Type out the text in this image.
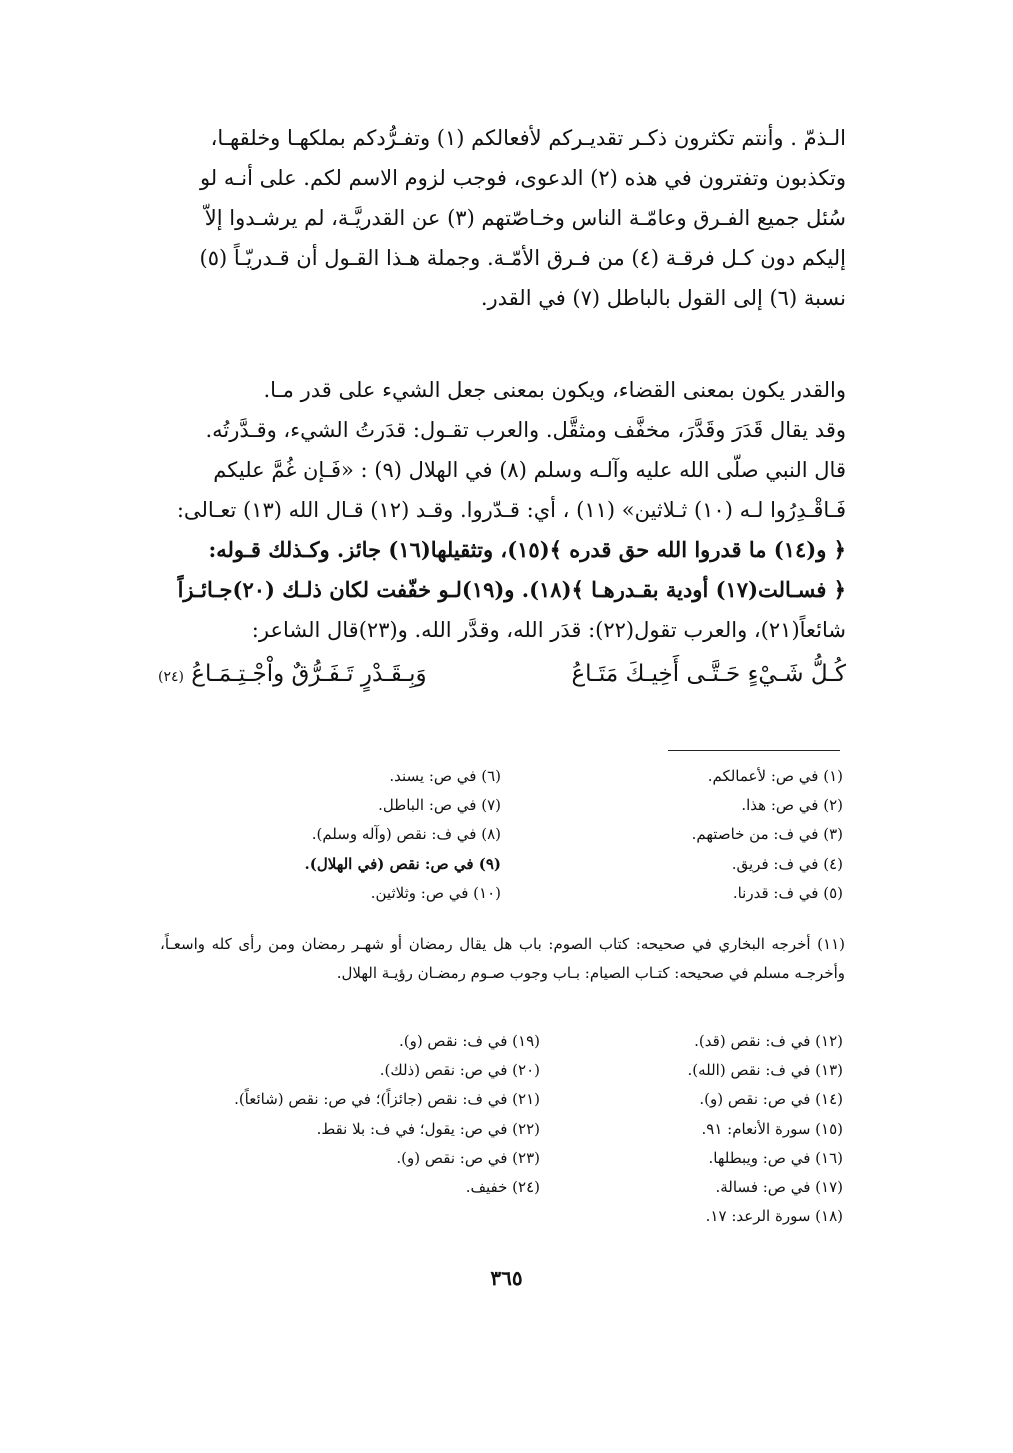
الـذمّ . وأنتم تكثرون ذكـر تقديـركم لأفعالكم (١) وتفـرُّدكم بملكهـا وخلقهـا،

وتكذبون وتفترون في هذه (٢) الدعوى، فوجب لزوم الاسم لكم. على أنـه لو

سُئل جميع الفـرق وعامّـة الناس وخـاصّتهم (٣) عن القدريَّـة، لم يرشـدوا إلاّ

إليكم دون كـل فرقـة (٤) من فـرق الأمّـة. وجملة هـذا القـول أن قـدريّـاً (٥)

نسبة (٦) إلى القول بالباطل (٧) في القدر.

والقدر يكون بمعنى القضاء، ويكون بمعنى جعل الشيء على قدر مـا.

وقد يقال قَدَرَ وقَدَّرَ، مخفَّف ومثقَّل. والعرب تقـول: قدَرتُ الشيء، وقـدَّرتُه.

قال النبي صلّى الله عليه وآلـه وسلم (٨) في الهلال (٩) : «فَـإن غُمَّ عليكم

فَـاقْـدِرُوا لـه (١٠) ثـلاثين» (١١) ، أي: قـدّروا. وقـد (١٢) قـال الله (١٣) تعـالى:

﴿ و(١٤) ما قدروا الله حق قدره ﴾(١٥)، وتثقيلها(١٦) جائز. وكـذلك قـوله:

﴿ فسـالت(١٧) أودية بقـدرهـا ﴾(١٨). و(١٩)لـو خفّفت لكان ذلـك (٢٠)جـائـزاً

شائعاً(٢١)، والعرب تقول(٢٢): قدَر الله، وقدَّر الله. و(٢٣)قال الشاعر:

كُـلُّ شَـيْءٍ حَـتَّـى أَخِيـكَ مَتَـاعُ
وَبِـقَـدْرٍ تَـفَـرُّقٌ واْجْـتِـمَـاعُ (٢٤)
(١) في ص: لأعمالكم.
(٢) في ص: هذا.
(٣) في ف: من خاصتهم.
(٤) في ف: فريق.
(٥) في ف: قدرنا.
(٦) في ص: يسند.
(٧) في ص: الباطل.
(٨) في ف: نقص (وآله وسلم).
(٩) في ص: نقص (في الهلال).
(١٠) في ص: وثلاثين.
(١١) أخرجه البخاري في صحيحه: كتاب الصوم: باب هل يقال رمضان أو شهـر رمضان ومن رأى كله واسعـاً، وأخرجـه مسلم في صحيحه: كتـاب الصيام: بـاب وجوب صـوم رمضـان رؤيـة الهلال.
(١٢) في ف: نقص (قد).
(١٣) في ف: نقص (الله).
(١٤) في ص: نقص (و).
(١٥) سورة الأنعام: ٩١.
(١٦) في ص: ويبطلها.
(١٧) في ص: فسالة.
(١٨) سورة الرعد: ١٧.
(١٩) في ف: نقص (و).
(٢٠) في ص: نقص (ذلك).
(٢١) في ف: نقص (جائزاً)؛ في ص: نقص (شائعاً).
(٢٢) في ص: يقول؛ في ف: بلا نقط.
(٢٣) في ص: نقص (و).
(٢٤) خفيف.
٣٦٥
